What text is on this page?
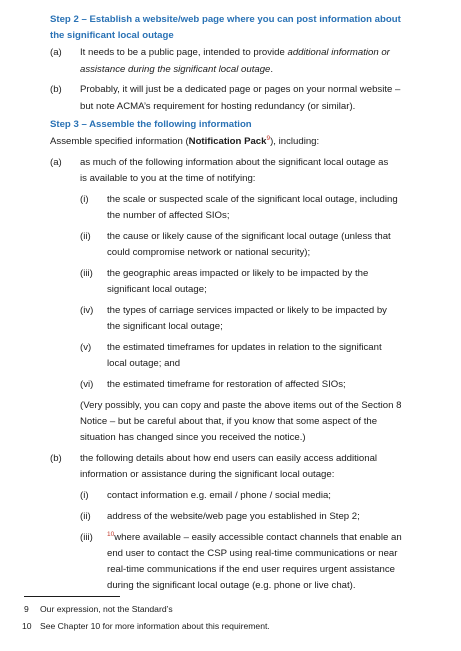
Step 2 – Establish a website/web page where you can post information about
the significant local outage
(a) It needs to be a public page, intended to provide additional information or
assistance during the significant local outage.
(b) Probably, it will just be a dedicated page or pages on your normal website –
but note ACMA’s requirement for hosting redundancy (or similar).
Step 3 – Assemble the following information
Assemble specified information (Notification Pack$^9$), including:
(a) as much of the following information about the significant local outage as
is available to you at the time of notifying:
(i) the scale or suspected scale of the significant local outage, including
the number of affected SIOs;
(ii) the cause or likely cause of the significant local outage (unless that
could compromise network or national security);
(iii) the geographic areas impacted or likely to be impacted by the
significant local outage;
(iv) the types of carriage services impacted or likely to be impacted by
the significant local outage;
(v) the estimated timeframes for updates in relation to the significant
local outage; and
(vi) the estimated timeframe for restoration of affected SIOs;
(Very possibly, you can copy and paste the above items out of the Section 8
Notice – but be careful about that, if you know that some aspect of the
situation has changed since you received the notice.)
(b) the following details about how end users can easily access additional
information or assistance during the significant local outage:
(i) contact information e.g. email / phone / social media;
(ii) address of the website/web page you established in Step 2;
(iii) $^{10}$where available – easily accessible contact channels that enable an
end user to contact the CSP using real-time communications or near
real-time communications if the end user requires urgent assistance
during the significant local outage (e.g. phone or live chat).
9 Our expression, not the Standard’s
10 See Chapter 10 for more information about this requirement.
